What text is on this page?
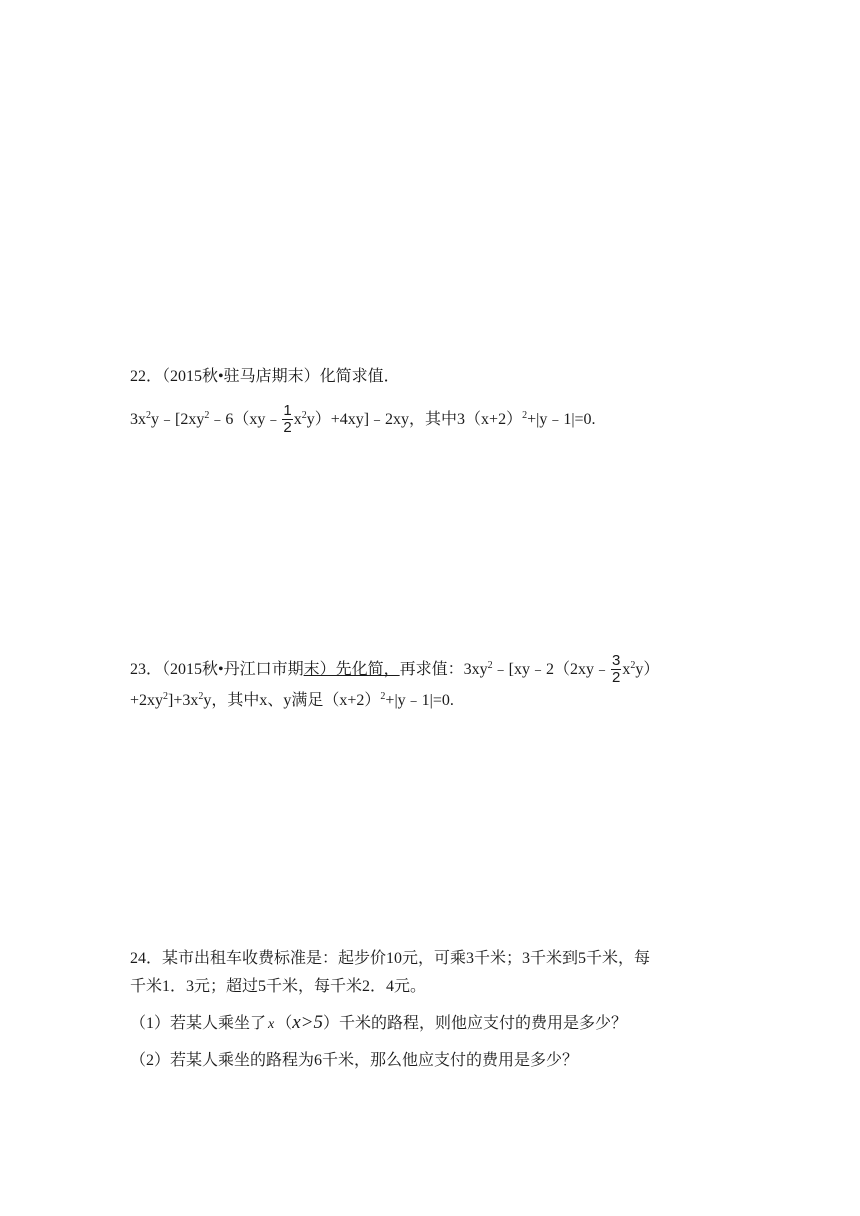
22．（2015秋•驻马店期末）化简求值．
$3x^2y﹣[2xy^2﹣6(xy﹣ \frac{1}{2}$ $x^2y)+4xy]﹣2xy$，其中$3(x+2)^2+|y﹣1|=0$.
23．（2015秋•丹江口市期末）先化简，再求值：$3xy^2﹣[xy﹣2(2xy﹣ \frac{3}{2} x^2y)$
$+2xy^2]+3x^2y$，其中x、y满足$(x+2)^2+|y﹣1|=0$.
24．某市出租车收费标准是：起步价10元，可乘3千米；3千米到5千米，每
千米1．3元；超过5千米，每千米2．4元。
（1）若某人乘坐了 x （x>5）千米的路程，则他应支付的费用是多少？
（2）若某人乘坐的路程为6千米，那么他应支付的费用是多少？
